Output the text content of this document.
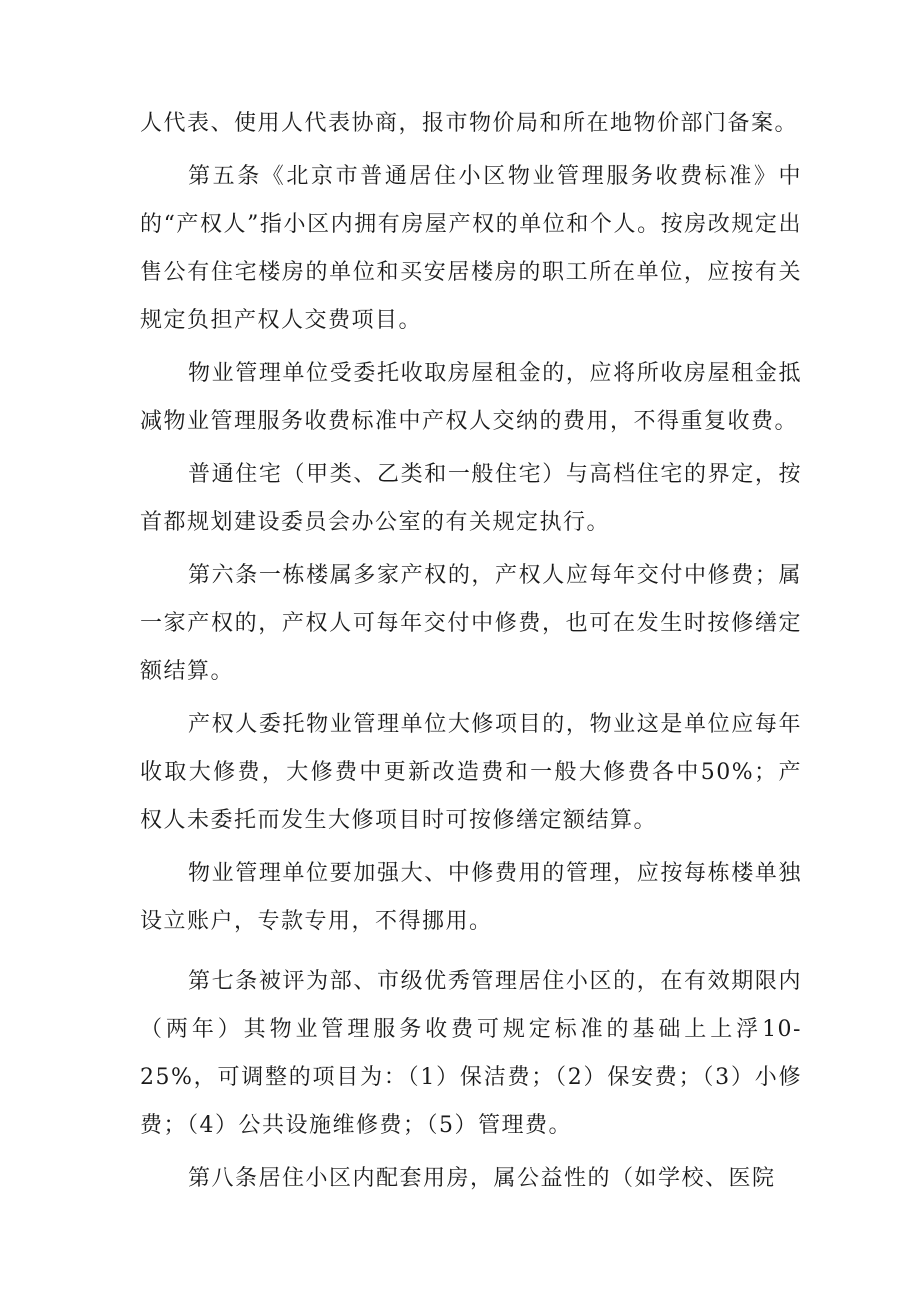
人代表、使用人代表协商，报市物价局和所在地物价部门备案。

第五条《北京市普通居住小区物业管理服务收费标准》中的“产权人”指小区内拥有房屋产权的单位和个人。按房改规定出售公有住宅楼房的单位和买安居楼房的职工所在单位，应按有关规定负担产权人交费项目。

物业管理单位受委托收取房屋租金的，应将所收房屋租金抵减物业管理服务收费标准中产权人交纳的费用，不得重复收费。

普通住宅（甲类、乙类和一般住宅）与高档住宅的界定，按首都规划建设委员会办公室的有关规定执行。

第六条一栋楼属多家产权的，产权人应每年交付中修费；属一家产权的，产权人可每年交付中修费，也可在发生时按修缮定额结算。

产权人委托物业管理单位大修项目的，物业这是单位应每年收取大修费，大修费中更新改造费和一般大修费各中50%；产权人未委托而发生大修项目时可按修缮定额结算。

物业管理单位要加强大、中修费用的管理，应按每栋楼单独设立账户，专款专用，不得挪用。

第七条被评为部、市级优秀管理居住小区的，在有效期限内（两年）其物业管理服务收费可规定标准的基础上上浮10-25%，可调整的项目为：（1）保洁费；（2）保安费；（3）小修费；（4）公共设施维修费；（5）管理费。

第八条居住小区内配套用房，属公益性的（如学校、医院
